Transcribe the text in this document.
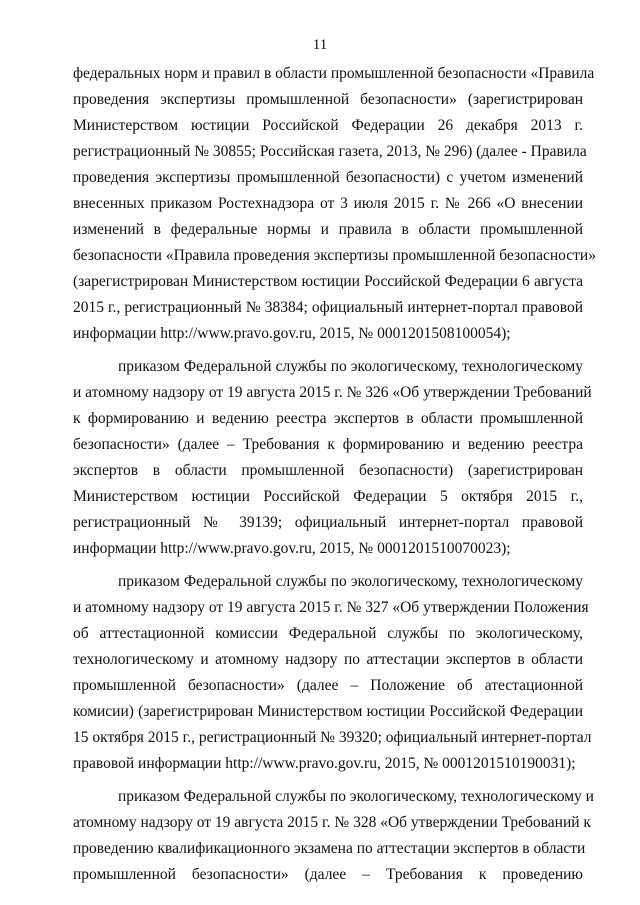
11
федеральных норм и правил в области промышленной безопасности «Правила
проведения экспертизы промышленной безопасности» (зарегистрирован
Министерством юстиции Российской Федерации 26 декабря 2013 г.
регистрационный № 30855; Российская газета, 2013, № 296) (далее - Правила
проведения экспертизы промышленной безопасности) с учетом изменений
внесенных приказом Ростехнадзора от 3 июля 2015 г. № 266 «О внесении
изменений в федеральные нормы и правила в области промышленной
безопасности «Правила проведения экспертизы промышленной безопасности»
(зарегистрирован Министерством юстиции Российской Федерации 6 августа
2015 г., регистрационный № 38384; официальный интернет-портал правовой
информации http://www.pravo.gov.ru, 2015, № 0001201508100054);
приказом Федеральной службы по экологическому, технологическому
и атомному надзору от 19 августа 2015 г. № 326 «Об утверждении Требований
к формированию и ведению реестра экспертов в области промышленной
безопасности» (далее – Требования к формированию и ведению реестра
экспертов в области промышленной безопасности) (зарегистрирован
Министерством юстиции Российской Федерации 5 октября 2015 г.,
регистрационный № 39139; официальный интернет-портал правовой
информации http://www.pravo.gov.ru, 2015, № 0001201510070023);
приказом Федеральной службы по экологическому, технологическому
и атомному надзору от 19 августа 2015 г. № 327 «Об утверждении Положения
об аттестационной комиссии Федеральной службы по экологическому,
технологическому и атомному надзору по аттестации экспертов в области
промышленной безопасности» (далее – Положение об атестационной
комисии) (зарегистрирован Министерством юстиции Российской Федерации
15 октября 2015 г., регистрационный № 39320; официальный интернет-портал
правовой информации http://www.pravo.gov.ru, 2015, № 0001201510190031);
приказом Федеральной службы по экологическому, технологическому и
атомному надзору от 19 августа 2015 г. № 328 «Об утверждении Требований к
проведению квалификационного экзамена по аттестации экспертов в области
промышленной безопасности» (далее – Требования к проведению
